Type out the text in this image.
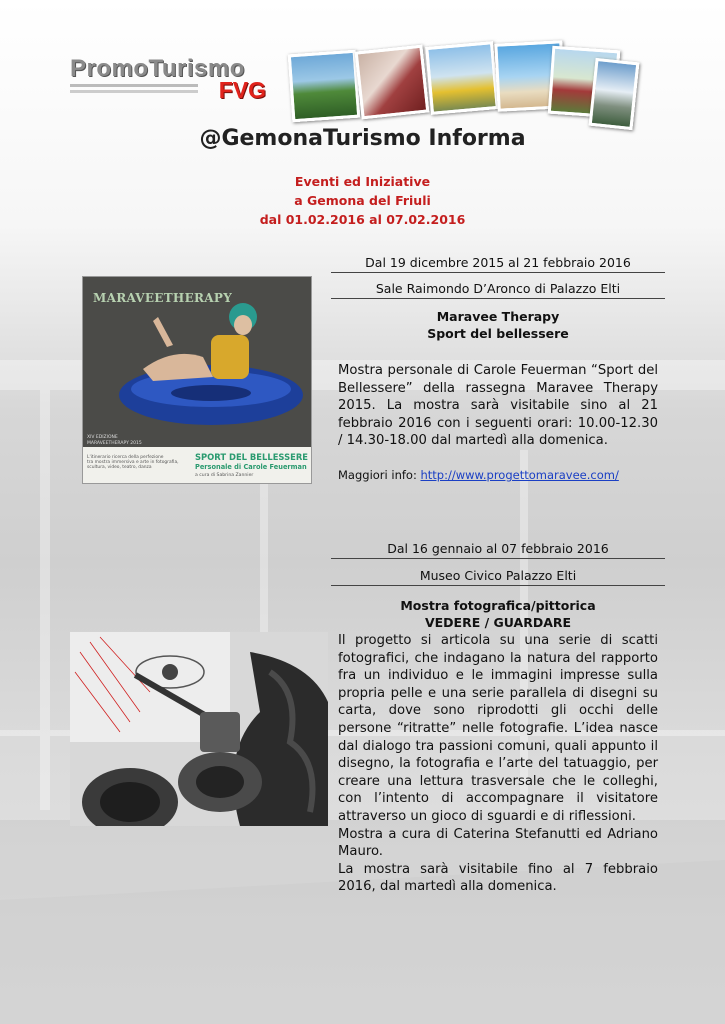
PromoTurismo
FVG
@GemonaTurismo Informa
Eventi ed Iniziative
a Gemona del Friuli
dal 01.02.2016 al 07.02.2016
MARAVEETHERAPY
XIV EDIZIONE
MARAVEETHERAPY 2015
L'itinerario ricerca della perfezione
tra mostra immersiva e arte in fotografia,
scultura, video, teatro, danza
SPORT DEL BELLESSERE
Personale di Carole Feuerman
a cura di Sabrina Zannier
Dal 19 dicembre 2015 al 21 febbraio 2016
Sale Raimondo D’Aronco di Palazzo Elti
Maravee Therapy
Sport del bellessere
Mostra personale di Carole Feuerman “Sport del Bellessere” della rassegna Maravee Therapy 2015. La mostra sarà visitabile sino al 21 febbraio 2016 con i seguenti orari: 10.00-12.30 / 14.30-18.00 dal martedì alla domenica.
Maggiori info: http://www.progettomaravee.com/
Dal 16 gennaio al 07 febbraio 2016
Museo Civico Palazzo Elti
Mostra fotografica/pittorica
VEDERE / GUARDARE
Il progetto si articola su una serie di scatti fotografici, che indagano la natura del rapporto fra un individuo e le immagini impresse sulla propria pelle e una serie parallela di disegni su carta, dove sono riprodotti gli occhi delle persone “ritratte” nelle fotografie. L’idea nasce dal dialogo tra passioni comuni, quali appunto il disegno, la fotografia e l’arte del tatuaggio, per creare una lettura trasversale che le colleghi, con l’intento di accompagnare il visitatore attraverso un gioco di sguardi e di riflessioni.
Mostra a cura di Caterina Stefanutti ed Adriano Mauro.
La mostra sarà visitabile fino al 7 febbraio 2016, dal martedì alla domenica.
